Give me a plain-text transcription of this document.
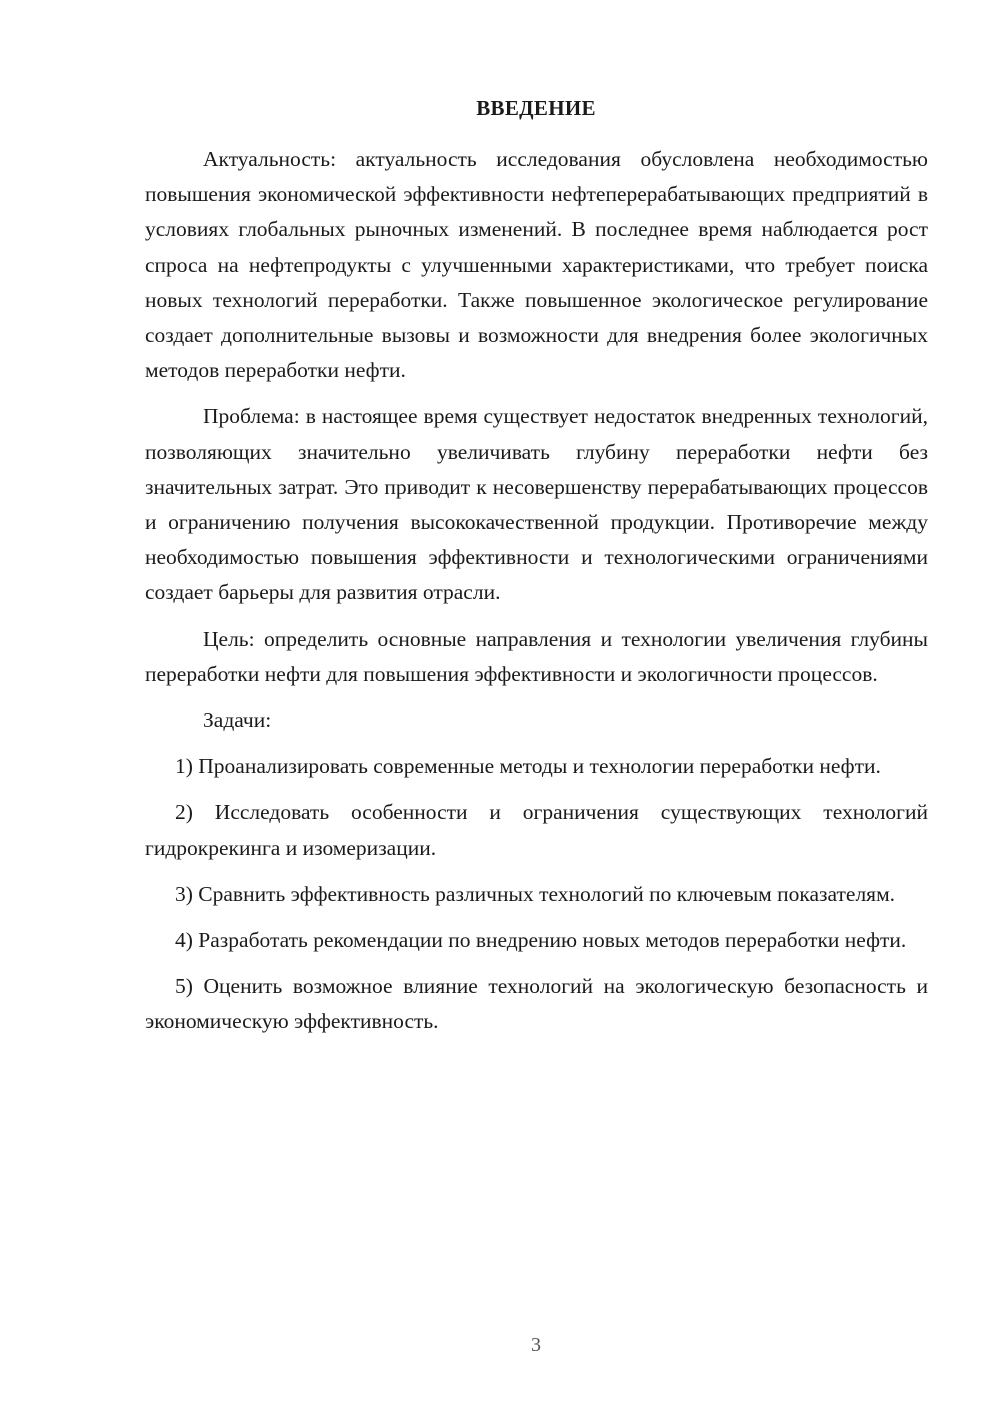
ВВЕДЕНИЕ

Актуальность: актуальность исследования обусловлена необходимостью повышения экономической эффективности нефтеперерабатывающих предприятий в условиях глобальных рыночных изменений. В последнее время наблюдается рост спроса на нефтепродукты с улучшенными характеристиками, что требует поиска новых технологий переработки. Также повышенное экологическое регулирование создает дополнительные вызовы и возможности для внедрения более экологичных методов переработки нефти.

Проблема: в настоящее время существует недостаток внедренных технологий, позволяющих значительно увеличивать глубину переработки нефти без значительных затрат. Это приводит к несовершенству перерабатывающих процессов и ограничению получения высококачественной продукции. Противоречие между необходимостью повышения эффективности и технологическими ограничениями создает барьеры для развития отрасли.

Цель: определить основные направления и технологии увеличения глубины переработки нефти для повышения эффективности и экологичности процессов.

Задачи:

1) Проанализировать современные методы и технологии переработки нефти.

2) Исследовать особенности и ограничения существующих технологий гидрокрекинга и изомеризации.

3) Сравнить эффективность различных технологий по ключевым показателям.

4) Разработать рекомендации по внедрению новых методов переработки нефти.

5) Оценить возможное влияние технологий на экологическую безопасность и экономическую эффективность.

3
